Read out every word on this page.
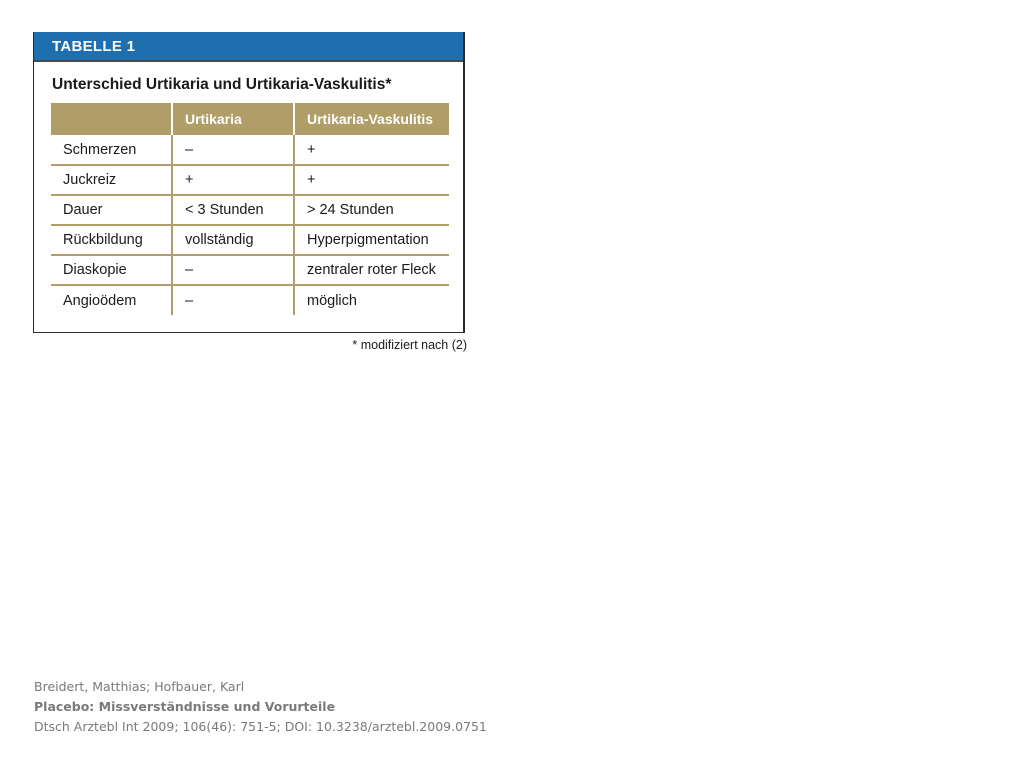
TABELLE 1
Unterschied Urtikaria und Urtikaria-Vaskulitis*
	Urtikaria	Urtikaria-Vaskulitis
Schmerzen	–	+
Juckreiz	+	+
Dauer	< 3 Stunden	> 24 Stunden
Rückbildung	vollständig	Hyperpigmentation
Diaskopie	–	zentraler roter Fleck
Angioödem	–	möglich
* modifiziert nach (2)
Breidert, Matthias; Hofbauer, Karl
Placebo: Missverständnisse und Vorurteile
Dtsch Arztebl Int 2009; 106(46): 751-5; DOI: 10.3238/arztebl.2009.0751
